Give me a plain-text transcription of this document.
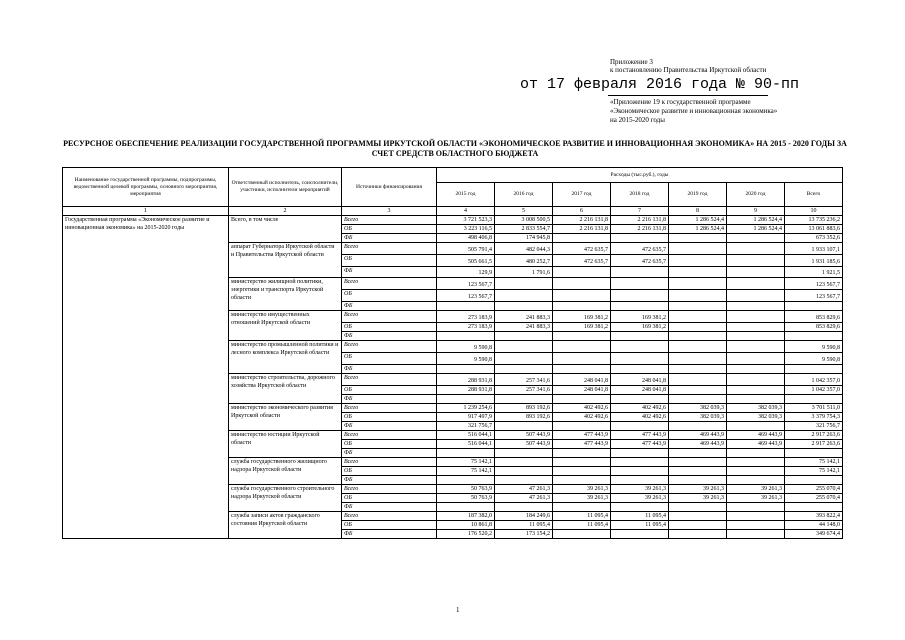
Приложение 3
к постановлению Правительства Иркутской области
от 17 февраля 2016 года № 90-пп
«Приложение 19 к государственной программе
«Экономическое развитие и инновационная экономика»
на 2015-2020 годы
РЕСУРСНОЕ ОБЕСПЕЧЕНИЕ РЕАЛИЗАЦИИ ГОСУДАРСТВЕННОЙ ПРОГРАММЫ ИРКУТСКОЙ ОБЛАСТИ «ЭКОНОМИЧЕСКОЕ РАЗВИТИЕ И ИННОВАЦИОННАЯ ЭКОНОМИКА» НА 2015 - 2020 ГОДЫ ЗА СЧЕТ СРЕДСТВ ОБЛАСТНОГО БЮДЖЕТА
Наименование государственной программы, подпрограммы, ведомственной целевой программы, основного мероприятия, мероприятия	Ответственный исполнитель, соисполнители, участники, исполнители мероприятий	Источники финансирования	Расходы (тыс.руб.), годы						
			2015 год	2016 год	2017 год	2018 год	2019 год	2020 год	Всего
1	2	3	4	5	6	7	8	9	10
Государственная программа «Экономическое развитие и инновационная экономика» на 2015-2020 годы	Всего, в том числе	Всего	3 721 523,3	3 008 500,5	2 216 131,8	2 216 131,8	1 286 524,4	1 286 524,4	13 735 236,2
		ОБ	3 223 116,5	2 833 554,7	2 216 131,8	2 216 131,8	1 286 524,4	1 286 524,4	13 061 883,6
		ФБ	498 406,8	174 945,8					673 352,6
	аппарат Губернатора Иркутской области и Правительства Иркутской области	Всего	505 791,4	482 044,3	472 635,7	472 635,7			1 933 107,1
		ОБ	505 661,5	480 252,7	472 635,7	472 635,7			1 931 185,6
		ФБ	129,9	1 791,6					1 921,5
	министерство жилищной политики, энергетики и транспорта Иркутской области	Всего	123 567,7						123 567,7
		ОБ	123 567,7						123 567,7
		ФБ							
	министерство имущественных отношений Иркутской области	Всего	273 183,9	241 883,3	169 381,2	169 381,2			853 829,6
		ОБ	273 183,9	241 883,3	169 381,2	169 381,2			853 829,6
		ФБ							
	министерство промышленной политики и лесного комплекса Иркутской области	Всего	9 590,8						9 590,8
		ОБ	9 590,8						9 590,8
		ФБ							
	министерство строительства, дорожного хозяйства Иркутской области	Всего	288 931,8	257 341,6	248 041,8	248 041,8			1 042 357,0
		ОБ	288 931,8	257 341,6	248 041,8	248 041,8			1 042 357,0
		ФБ							
	министерство экономического развития Иркутской области	Всего	1 239 254,6	893 192,6	402 492,6	402 492,6	382 039,3	382 039,3	3 701 511,0
		ОБ	917 497,9	893 192,6	402 492,6	402 492,6	382 039,3	382 039,3	3 379 754,3
		ФБ	321 756,7						321 756,7
	министерство юстиции Иркутской области	Всего	516 044,1	507 443,9	477 443,9	477 443,9	469 443,9	469 443,9	2 917 263,6
		ОБ	516 044,1	507 443,9	477 443,9	477 443,9	469 443,9	469 443,9	2 917 263,6
		ФБ							
	служба государственного жилищного надзора Иркутской области	Всего	75 142,1						75 142,1
		ОБ	75 142,1						75 142,1
		ФБ							
	служба государственного строительного надзора Иркутской области	Всего	50 763,9	47 261,3	39 261,3	39 261,3	39 261,3	39 261,3	255 070,4
		ОБ	50 763,9	47 261,3	39 261,3	39 261,3	39 261,3	39 261,3	255 070,4
		ФБ							
	служба записи актов гражданского состояния Иркутской области	Всего	187 382,0	184 249,6	11 095,4	11 095,4			393 822,4
		ОБ	10 861,8	11 095,4	11 095,4	11 095,4			44 148,0
		ФБ	176 520,2	173 154,2					349 674,4
1
